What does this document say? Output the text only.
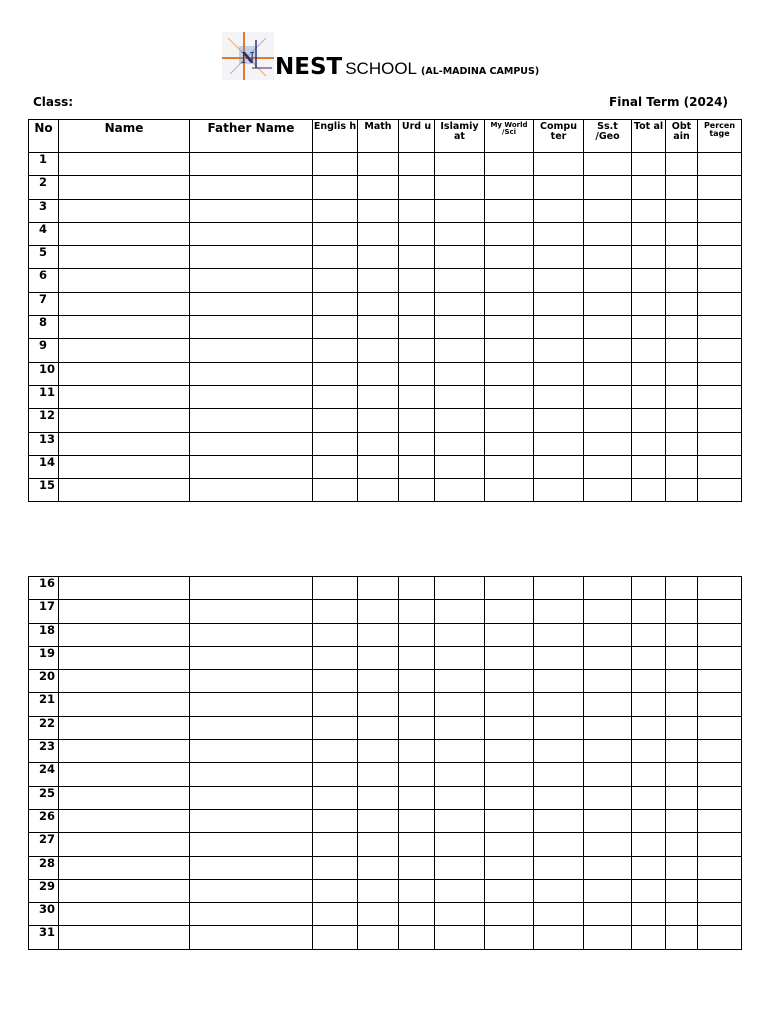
N NEST SCHOOL (AL-MADINA CAMPUS)
Class:	Final Term (2024)
No	Name	Father Name	Englis h	Math	Urd u	Islamiy at	My World /Sci	Compu ter	Ss.t /Geo	Tot al	Obt ain	Percen tage
1												
2												
3												
4												
5												
6												
7												
8												
9												
10												
11												
12												
13												
14												
15												
16												
17												
18												
19												
20												
21												
22												
23												
24												
25												
26												
27												
28												
29												
30												
31												
